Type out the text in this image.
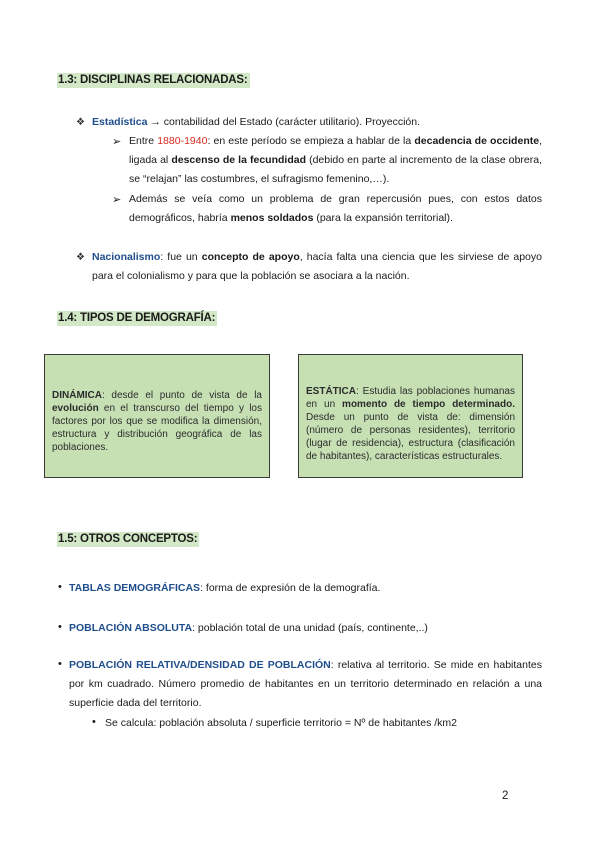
1.3: DISCIPLINAS RELACIONADAS:
❖ Estadística → contabilidad del Estado (carácter utilitario). Proyección.
➢ Entre 1880-1940: en este período se empieza a hablar de la decadencia de occidente, ligada al descenso de la fecundidad (debido en parte al incremento de la clase obrera, se “relajan” las costumbres, el sufragismo femenino,…).
➢ Además se veía como un problema de gran repercusión pues, con estos datos demográficos, habría menos soldados (para la expansión territorial).
❖ Nacionalismo: fue un concepto de apoyo, hacía falta una ciencia que les sirviese de apoyo para el colonialismo y para que la población se asociara a la nación.
1.4: TIPOS DE DEMOGRAFÍA:
DINÁMICA: desde el punto de vista de la evolución en el transcurso del tiempo y los factores por los que se modifica la dimensión, estructura y distribución geográfica de las poblaciones.
ESTÁTICA: Estudia las poblaciones humanas en un momento de tiempo determinado. Desde un punto de vista de: dimensión (número de personas residentes), territorio (lugar de residencia), estructura (clasificación de habitantes), características estructurales.
1.5: OTROS CONCEPTOS:
• TABLAS DEMOGRÁFICAS: forma de expresión de la demografía.
• POBLACIÓN ABSOLUTA: población total de una unidad (país, continente,..)
• POBLACIÓN RELATIVA/DENSIDAD DE POBLACIÓN: relativa al territorio. Se mide en habitantes por km cuadrado. Número promedio de habitantes en un territorio determinado en relación a una superficie dada del territorio.
• Se calcula: población absoluta / superficie territorio = Nº de habitantes /km2
2
